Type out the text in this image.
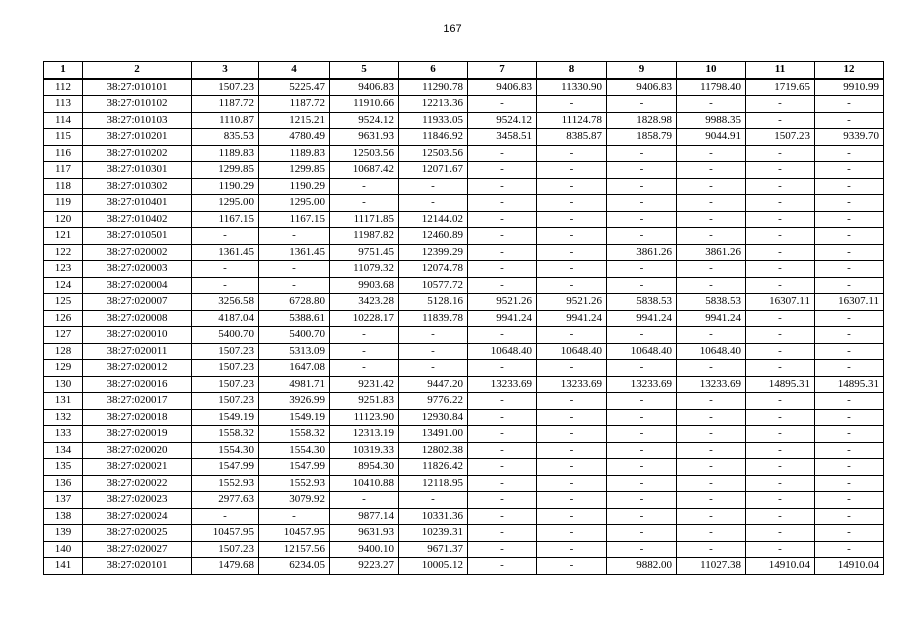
167
1	2	3	4	5	6	7	8	9	10	11	12
112	38:27:010101	1507.23	5225.47	9406.83	11290.78	9406.83	11330.90	9406.83	11798.40	1719.65	9910.99
113	38:27:010102	1187.72	1187.72	11910.66	12213.36	-	-	-	-	-	-
114	38:27:010103	1110.87	1215.21	9524.12	11933.05	9524.12	11124.78	1828.98	9988.35	-	-
115	38:27:010201	835.53	4780.49	9631.93	11846.92	3458.51	8385.87	1858.79	9044.91	1507.23	9339.70
116	38:27:010202	1189.83	1189.83	12503.56	12503.56	-	-	-	-	-	-
117	38:27:010301	1299.85	1299.85	10687.42	12071.67	-	-	-	-	-	-
118	38:27:010302	1190.29	1190.29	-	-	-	-	-	-	-	-
119	38:27:010401	1295.00	1295.00	-	-	-	-	-	-	-	-
120	38:27:010402	1167.15	1167.15	11171.85	12144.02	-	-	-	-	-	-
121	38:27:010501	-	-	11987.82	12460.89	-	-	-	-	-	-
122	38:27:020002	1361.45	1361.45	9751.45	12399.29	-	-	3861.26	3861.26	-	-
123	38:27:020003	-	-	11079.32	12074.78	-	-	-	-	-	-
124	38:27:020004	-	-	9903.68	10577.72	-	-	-	-	-	-
125	38:27:020007	3256.58	6728.80	3423.28	5128.16	9521.26	9521.26	5838.53	5838.53	16307.11	16307.11
126	38:27:020008	4187.04	5388.61	10228.17	11839.78	9941.24	9941.24	9941.24	9941.24	-	-
127	38:27:020010	5400.70	5400.70	-	-	-	-	-	-	-	-
128	38:27:020011	1507.23	5313.09	-	-	10648.40	10648.40	10648.40	10648.40	-	-
129	38:27:020012	1507.23	1647.08	-	-	-	-	-	-	-	-
130	38:27:020016	1507.23	4981.71	9231.42	9447.20	13233.69	13233.69	13233.69	13233.69	14895.31	14895.31
131	38:27:020017	1507.23	3926.99	9251.83	9776.22	-	-	-	-	-	-
132	38:27:020018	1549.19	1549.19	11123.90	12930.84	-	-	-	-	-	-
133	38:27:020019	1558.32	1558.32	12313.19	13491.00	-	-	-	-	-	-
134	38:27:020020	1554.30	1554.30	10319.33	12802.38	-	-	-	-	-	-
135	38:27:020021	1547.99	1547.99	8954.30	11826.42	-	-	-	-	-	-
136	38:27:020022	1552.93	1552.93	10410.88	12118.95	-	-	-	-	-	-
137	38:27:020023	2977.63	3079.92	-	-	-	-	-	-	-	-
138	38:27:020024	-	-	9877.14	10331.36	-	-	-	-	-	-
139	38:27:020025	10457.95	10457.95	9631.93	10239.31	-	-	-	-	-	-
140	38:27:020027	1507.23	12157.56	9400.10	9671.37	-	-	-	-	-	-
141	38:27:020101	1479.68	6234.05	9223.27	10005.12	-	-	9882.00	11027.38	14910.04	14910.04
